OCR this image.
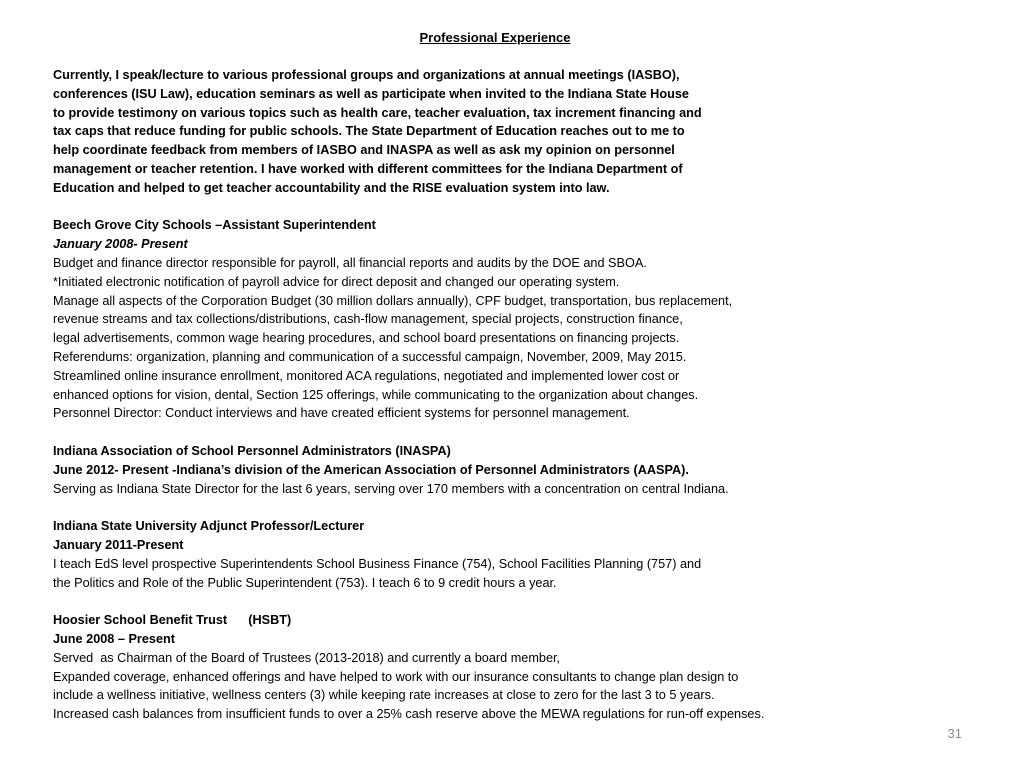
Professional Experience
Currently, I speak/lecture to various professional groups and organizations at annual meetings (IASBO),
conferences (ISU Law), education seminars as well as participate when invited to the Indiana State House
to provide testimony on various topics such as health care, teacher evaluation, tax increment financing and
tax caps that reduce funding for public schools. The State Department of Education reaches out to me to
help coordinate feedback from members of IASBO and INASPA as well as ask my opinion on personnel
management or teacher retention. I have worked with different committees for the Indiana Department of
Education and helped to get teacher accountability and the RISE evaluation system into law.
Beech Grove City Schools –Assistant Superintendent
January 2008- Present
Budget and finance director responsible for payroll, all financial reports and audits by the DOE and SBOA.
*Initiated electronic notification of payroll advice for direct deposit and changed our operating system.
Manage all aspects of the Corporation Budget (30 million dollars annually), CPF budget, transportation, bus replacement,
revenue streams and tax collections/distributions, cash-flow management, special projects, construction finance,
legal advertisements, common wage hearing procedures, and school board presentations on financing projects.
Referendums: organization, planning and communication of a successful campaign, November, 2009, May 2015.
Streamlined online insurance enrollment, monitored ACA regulations, negotiated and implemented lower cost or
enhanced options for vision, dental, Section 125 offerings, while communicating to the organization about changes.
Personnel Director: Conduct interviews and have created efficient systems for personnel management.
Indiana Association of School Personnel Administrators (INASPA)
June 2012- Present -Indiana’s division of the American Association of Personnel Administrators (AASPA).
Serving as Indiana State Director for the last 6 years, serving over 170 members with a concentration on central Indiana.
Indiana State University Adjunct Professor/Lecturer
January 2011-Present
I teach EdS level prospective Superintendents School Business Finance (754), School Facilities Planning (757) and
the Politics and Role of the Public Superintendent (753). I teach 6 to 9 credit hours a year.
Hoosier School Benefit Trust      (HSBT)
June 2008 – Present
Served  as Chairman of the Board of Trustees (2013-2018) and currently a board member,
Expanded coverage, enhanced offerings and have helped to work with our insurance consultants to change plan design to
include a wellness initiative, wellness centers (3) while keeping rate increases at close to zero for the last 3 to 5 years.
Increased cash balances from insufficient funds to over a 25% cash reserve above the MEWA regulations for run-off expenses.
31
